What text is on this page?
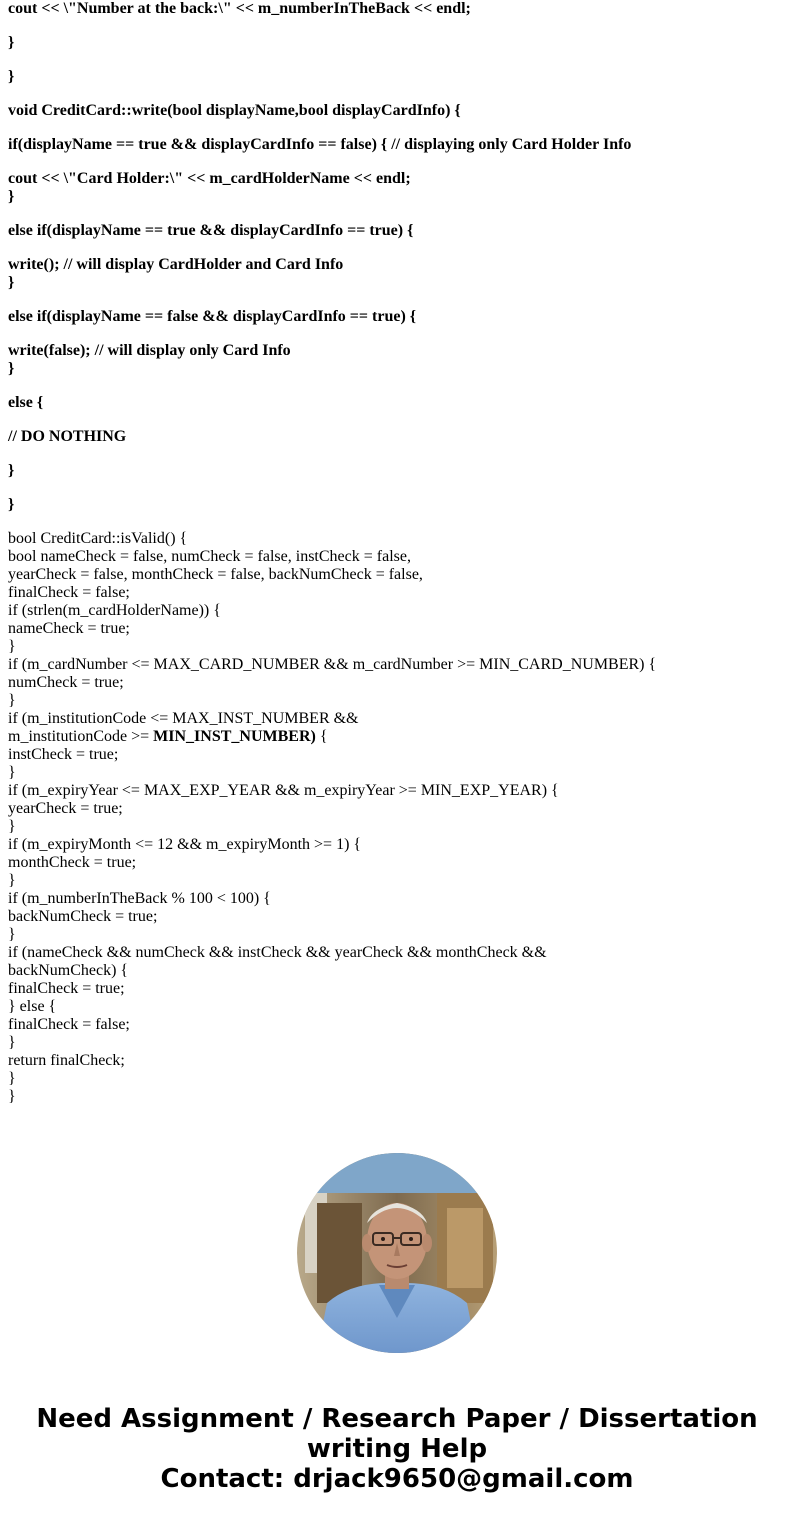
cout << \"Number at the back:\" << m_numberInTheBack << endl;
}
}
void CreditCard::write(bool displayName,bool displayCardInfo) {
if(displayName == true && displayCardInfo == false) { // displaying only Card Holder Info
cout << \"Card Holder:\" << m_cardHolderName << endl;
}
else if(displayName == true && displayCardInfo == true) {
write(); // will display CardHolder and Card Info
}
else if(displayName == false && displayCardInfo == true) {
write(false); // will display only Card Info
}
else {
// DO NOTHING
}
}
bool CreditCard::isValid() {
bool nameCheck = false, numCheck = false, instCheck = false,
yearCheck = false, monthCheck = false, backNumCheck = false,
finalCheck = false;
if (strlen(m_cardHolderName)) {
nameCheck = true;
}
if (m_cardNumber <= MAX_CARD_NUMBER && m_cardNumber >= MIN_CARD_NUMBER) {
numCheck = true;
}
if (m_institutionCode <= MAX_INST_NUMBER &&
m_institutionCode >= MIN_INST_NUMBER) {
instCheck = true;
}
if (m_expiryYear <= MAX_EXP_YEAR && m_expiryYear >= MIN_EXP_YEAR) {
yearCheck = true;
}
if (m_expiryMonth <= 12 && m_expiryMonth >= 1) {
monthCheck = true;
}
if (m_numberInTheBack % 100 < 100) {
backNumCheck = true;
}
if (nameCheck && numCheck && instCheck && yearCheck && monthCheck &&
backNumCheck) {
finalCheck = true;
} else {
finalCheck = false;
}
return finalCheck;
}
}
Need Assignment / Research Paper / Dissertation
writing Help
Contact: drjack9650@gmail.com
